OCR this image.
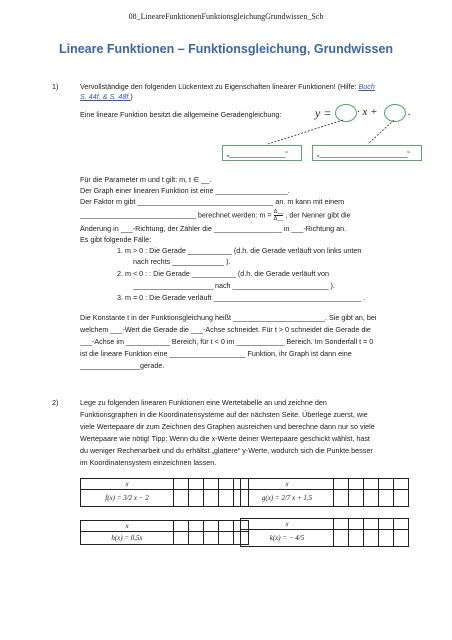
08_LineareFunktionenFunktionsgleichungGrundwissen_Sch
Lineare Funktionen – Funktionsgleichung, Grundwissen
1)	Vervollständige den folgenden Lückentext zu Eigenschaften linearer Funktionen! (Hilfe: Buch
S. 44f. & S. 48f.)
Eine lineare Funktion besitzt die allgemeine Geradengleichung:	y = · x +	.
„______________“	„______________________“
Für die Parameter m und t gilt: m, t ∈ __.
Der Graph einer linearen Funktion ist eine __________________.
Der Faktor m gibt __________________________________ an. m kann mit einem
_____________________________ berechnet werden: $m = \frac{\Delta\_\_}{\Delta\_\_}$ , der Nenner gibt die
Änderung in ___-Richtung, der Zähler die _________________ in ___-Richtung an.
Es gibt folgende Fälle:
1. m > 0 : Die Gerade ___________ (d.h. die Gerade verläuft von links unten
nach rechts _____________ ).
2. m < 0 : : Die Gerade ___________ (d.h. die Gerade verläuft von
____________________ nach ________________________ ).
3. m = 0 : Die Gerade verläuft _____________________________________ .
Die Konstante t in der Funktionsgleichung heißt _______________________. Sie gibt an, bei
welchem ___-Wert die Gerade die ___-Achse schneidet. Für t > 0 schneidet die Gerade die
___-Achse im ___________ Bereich, für t < 0 im ____________ Bereich. Im Sonderfall t = 0
ist die lineare Funktion eine ___________________ Funktion, ihr Graph ist dann eine
_______________gerade.
2)	Lege zu folgenden linearen Funktionen eine Wertetabelle an und zeichne den
Funktionsgraphen in die Koordinatensysteme auf der nächsten Seite. Überlege zuerst, wie
viele Wertepaare dir zum Zeichnen des Graphen ausreichen und berechne dann nur so viele
Wertepaare wie nötig! Tipp: Wenn du die x-Werte deiner Wertepaare geschickt wählst, hast
du weniger Rechenarbeit und du erhältst „glattere“ y-Werte, wodurch sich die Punkte besser
im Koordinatensystem einzeichnen lassen.
x					
f(x) = 3/2 x − 2					
x					
g(x) = 2/7 x + 1,5					
x					
h(x) = 0,5x					
x					
k(x) = − 4/5					
